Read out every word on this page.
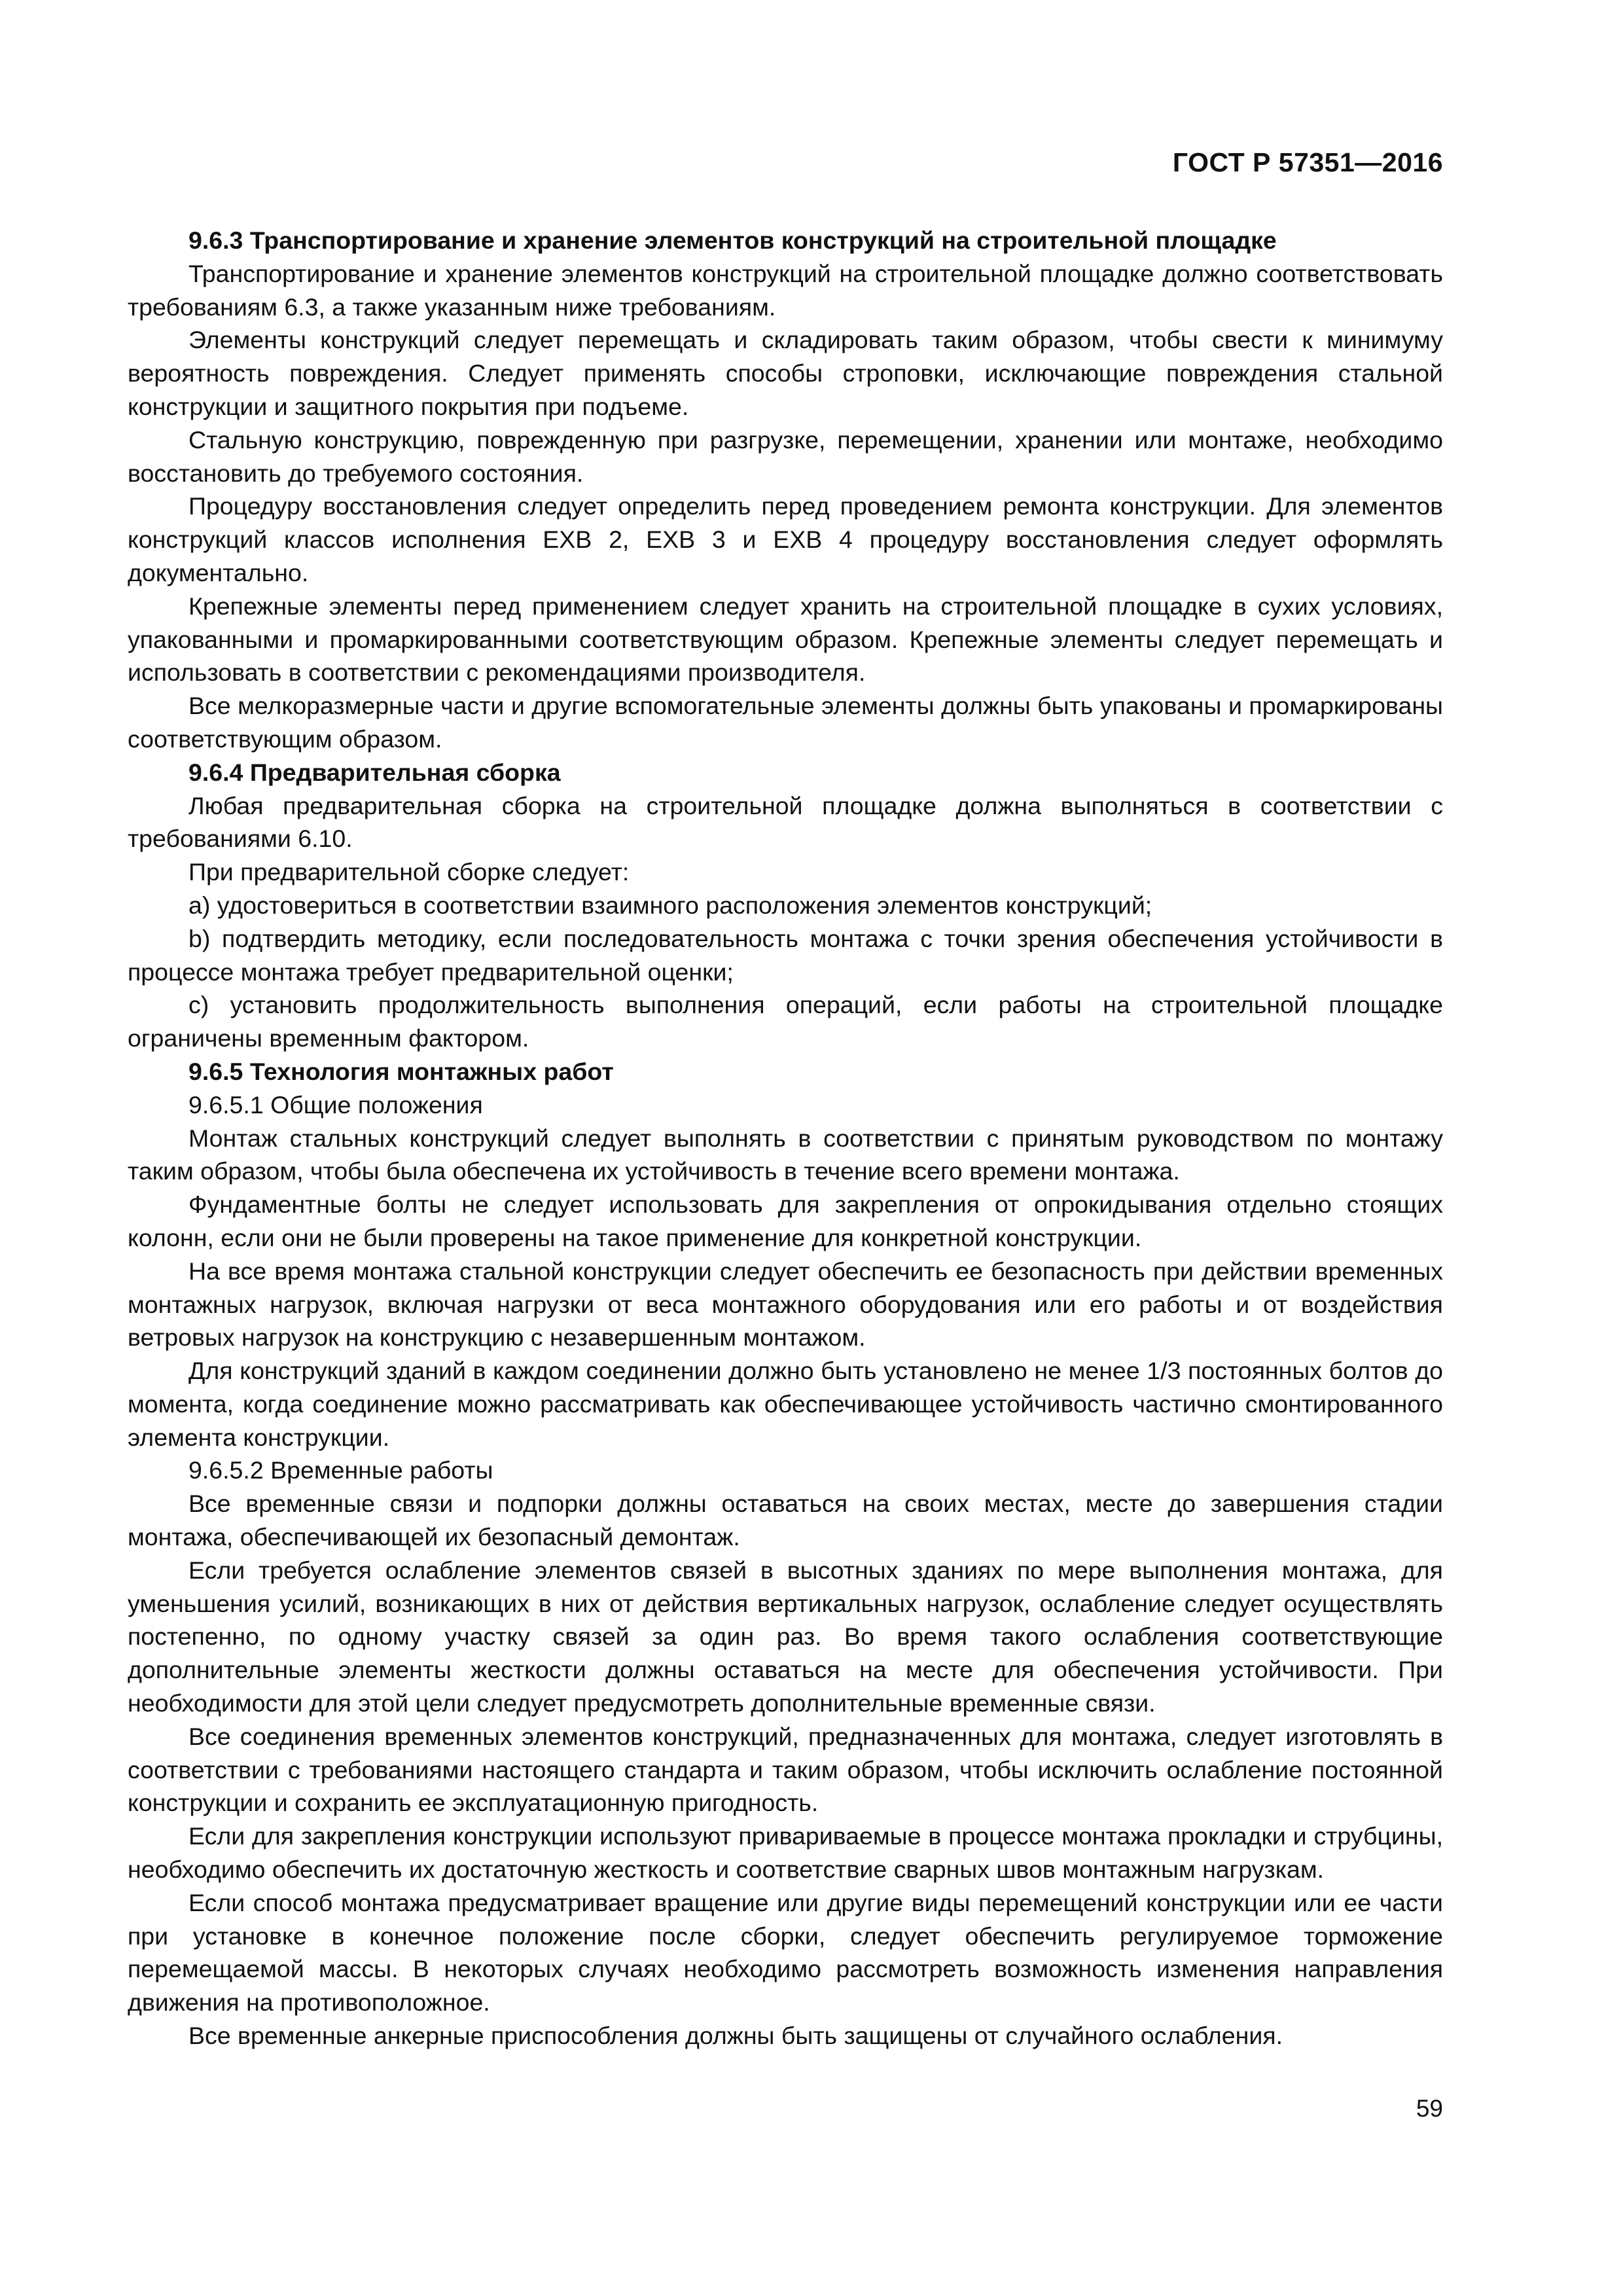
ГОСТ Р 57351—2016

9.6.3 Транспортирование и хранение элементов конструкций на строительной площадке

Транспортирование и хранение элементов конструкций на строительной площадке должно соответствовать требованиям 6.3, а также указанным ниже требованиям.

Элементы конструкций следует перемещать и складировать таким образом, чтобы свести к минимуму вероятность повреждения. Следует применять способы строповки, исключающие повреждения стальной конструкции и защитного покрытия при подъеме.

Стальную конструкцию, поврежденную при разгрузке, перемещении, хранении или монтаже, необходимо восстановить до требуемого состояния.

Процедуру восстановления следует определить перед проведением ремонта конструкции. Для элементов конструкций классов исполнения ЕХВ 2, ЕХВ 3 и ЕХВ 4 процедуру восстановления следует оформлять документально.

Крепежные элементы перед применением следует хранить на строительной площадке в сухих условиях, упакованными и промаркированными соответствующим образом. Крепежные элементы следует перемещать и использовать в соответствии с рекомендациями производителя.

Все мелкоразмерные части и другие вспомогательные элементы должны быть упакованы и промаркированы соответствующим образом.

9.6.4 Предварительная сборка

Любая предварительная сборка на строительной площадке должна выполняться в соответствии с требованиями 6.10.

При предварительной сборке следует:

a) удостовериться в соответствии взаимного расположения элементов конструкций;

b) подтвердить методику, если последовательность монтажа с точки зрения обеспечения устойчивости в процессе монтажа требует предварительной оценки;

c) установить продолжительность выполнения операций, если работы на строительной площадке ограничены временным фактором.

9.6.5 Технология монтажных работ

9.6.5.1 Общие положения

Монтаж стальных конструкций следует выполнять в соответствии с принятым руководством по монтажу таким образом, чтобы была обеспечена их устойчивость в течение всего времени монтажа.

Фундаментные болты не следует использовать для закрепления от опрокидывания отдельно стоящих колонн, если они не были проверены на такое применение для конкретной конструкции.

На все время монтажа стальной конструкции следует обеспечить ее безопасность при действии временных монтажных нагрузок, включая нагрузки от веса монтажного оборудования или его работы и от воздействия ветровых нагрузок на конструкцию с незавершенным монтажом.

Для конструкций зданий в каждом соединении должно быть установлено не менее 1/3 постоянных болтов до момента, когда соединение можно рассматривать как обеспечивающее устойчивость частично смонтированного элемента конструкции.

9.6.5.2 Временные работы

Все временные связи и подпорки должны оставаться на своих местах, месте до завершения стадии монтажа, обеспечивающей их безопасный демонтаж.

Если требуется ослабление элементов связей в высотных зданиях по мере выполнения монтажа, для уменьшения усилий, возникающих в них от действия вертикальных нагрузок, ослабление следует осуществлять постепенно, по одному участку связей за один раз. Во время такого ослабления соответствующие дополнительные элементы жесткости должны оставаться на месте для обеспечения устойчивости. При необходимости для этой цели следует предусмотреть дополнительные временные связи.

Все соединения временных элементов конструкций, предназначенных для монтажа, следует изготовлять в соответствии с требованиями настоящего стандарта и таким образом, чтобы исключить ослабление постоянной конструкции и сохранить ее эксплуатационную пригодность.

Если для закрепления конструкции используют привариваемые в процессе монтажа прокладки и струбцины, необходимо обеспечить их достаточную жесткость и соответствие сварных швов монтажным нагрузкам.

Если способ монтажа предусматривает вращение или другие виды перемещений конструкции или ее части при установке в конечное положение после сборки, следует обеспечить регулируемое торможение перемещаемой массы. В некоторых случаях необходимо рассмотреть возможность изменения направления движения на противоположное.

Все временные анкерные приспособления должны быть защищены от случайного ослабления.

59
